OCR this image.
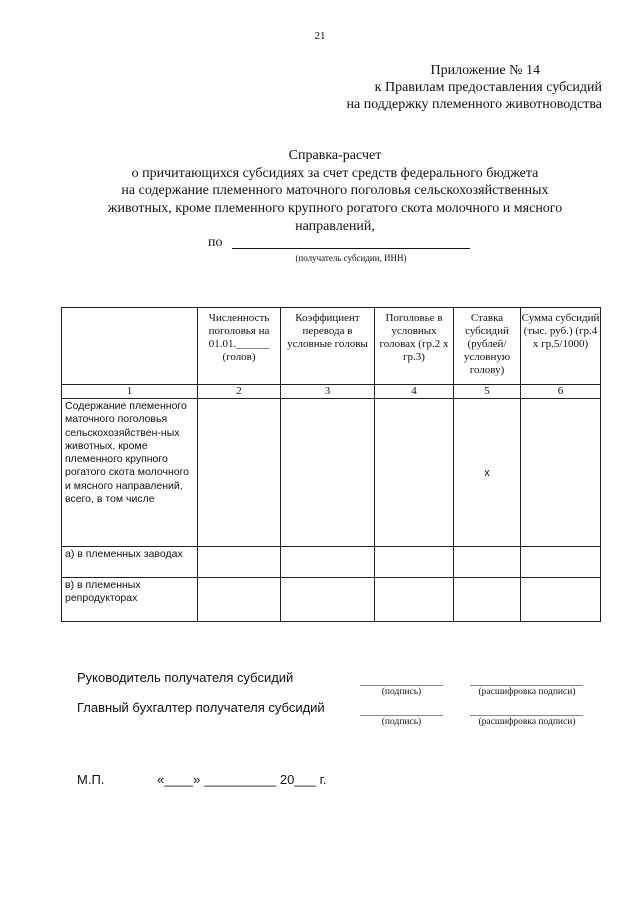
21
Приложение № 14
к Правилам предоставления субсидий
на поддержку племенного животноводства
Справка-расчет
о причитающихся субсидиях за счет средств федерального бюджета
на содержание племенного маточного поголовья сельскохозяйственных
животных, кроме племенного крупного рогатого скота молочного и мясного
направлений,
по
(получатель субсидии, ИНН)
	Численность поголовья на 01.01.______ (голов)	Коэффициент перевода в условные головы	Поголовье в условных головах (гр.2 х гр.3)	Ставка субсидий (рублей/ условную голову)	Сумма субсидий (тыс. руб.) (гр.4 х гр.5/1000)
1	2	3	4	5	6
Содержание племенного маточного поголовья сельскохозяйствен-ных животных, кроме племенного крупного рогатого скота молочного и мясного направлений, всего, в том числе				х	
а) в племенных заводах					
в) в племенных репродукторах					
Руководитель получателя субсидий
(подпись)	(расшифровка подписи)
Главный бухгалтер получателя субсидий
(подпись)	(расшифровка подписи)
М.П.	«____» __________ 20___ г.
